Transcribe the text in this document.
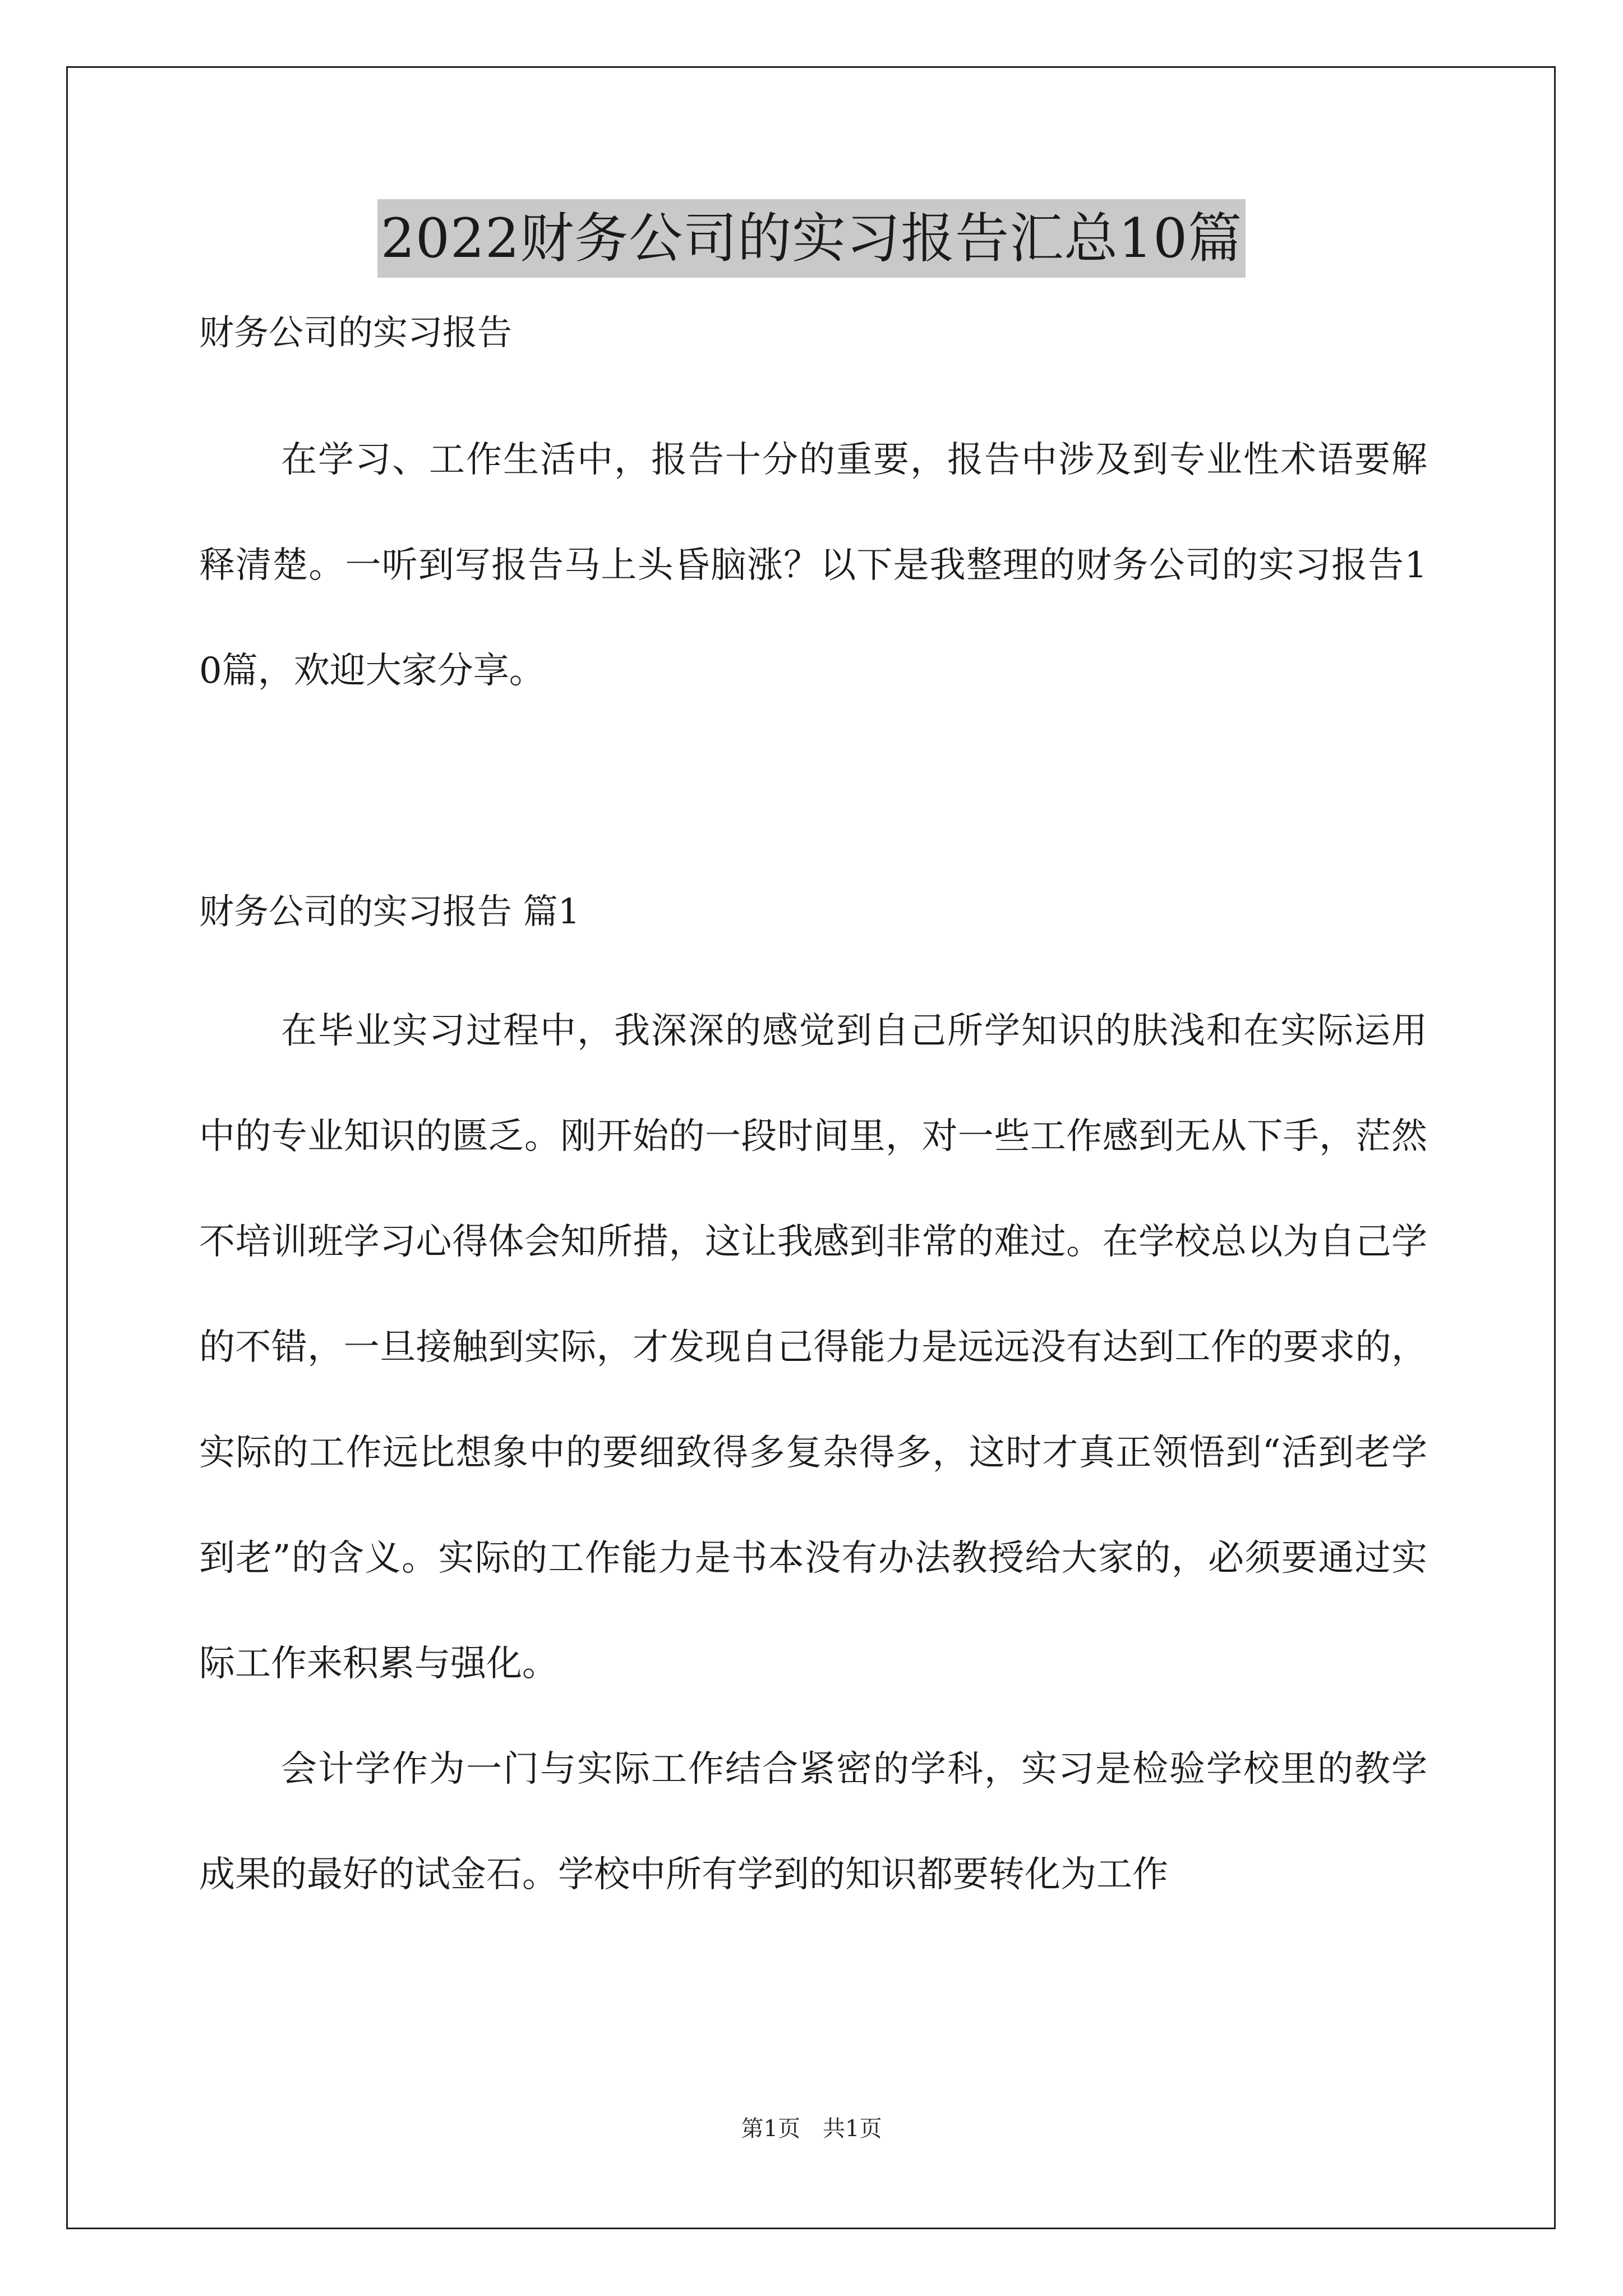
2022财务公司的实习报告汇总10篇

财务公司的实习报告

在学习、工作生活中，报告十分的重要，报告中涉及到专业性术语要解释清楚。一听到写报告马上头昏脑涨？以下是我整理的财务公司的实习报告10篇，欢迎大家分享。

财务公司的实习报告 篇1

在毕业实习过程中，我深深的感觉到自己所学知识的肤浅和在实际运用中的专业知识的匮乏。刚开始的一段时间里，对一些工作感到无从下手，茫然不培训班学习心得体会知所措，这让我感到非常的难过。在学校总以为自己学的不错，一旦接触到实际，才发现自己得能力是远远没有达到工作的要求的，实际的工作远比想象中的要细致得多复杂得多，这时才真正领悟到“活到老学到老”的含义。实际的工作能力是书本没有办法教授给大家的，必须要通过实际工作来积累与强化。

会计学作为一门与实际工作结合紧密的学科，实习是检验学校里的教学成果的最好的试金石。学校中所有学到的知识都要转化为工作

第1页 共1页
